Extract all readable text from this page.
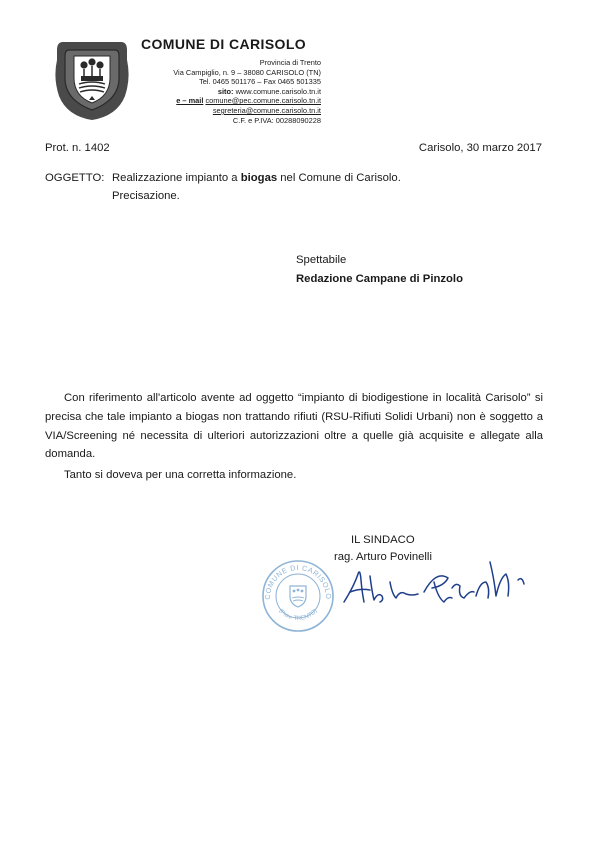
COMUNE DI CARISOLO
Provincia di Trento
Via Campiglio, n. 9 – 38080 CARISOLO (TN)
Tel. 0465 501176 – Fax 0465 501335
sito: www.comune.carisolo.tn.it
e – mail comune@pec.comune.carisolo.tn.it
segreteria@comune.carisolo.tn.it
C.F. e P.IVA: 00288090228
Prot. n. 1402	Carisolo, 30 marzo 2017
OGGETTO: Realizzazione impianto a biogas nel Comune di Carisolo.
Precisazione.
Spettabile
Redazione Campane di Pinzolo
Con riferimento all'articolo avente ad oggetto “impianto di biodigestione in località Carisolo” si precisa che tale impianto a biogas non trattando rifiuti (RSU-Rifiuti Solidi Urbani) non è soggetto a VIA/Screening né necessita di ulteriori autorizzazioni oltre a quelle già acquisite e allegate alla domanda.
Tanto si doveva per una corretta informazione.
IL SINDACO
rag. Arturo Povinelli
COMUNE DI CARISOLO
(Prov. TRENTO)
